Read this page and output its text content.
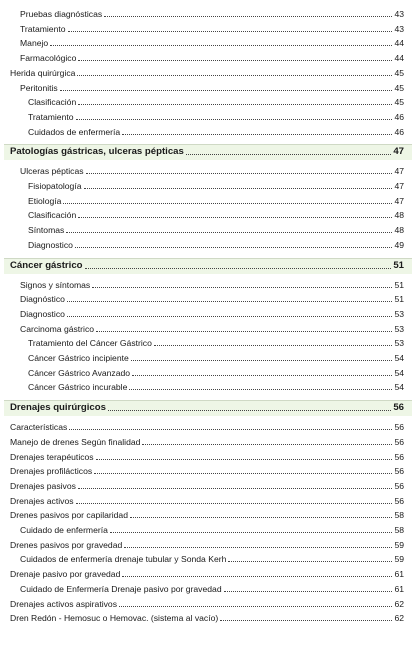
Pruebas diagnósticas	43
Tratamiento	43
Manejo	44
Farmacológico	44
Herida quirúrgica	45
Peritonitis	45
Clasificación	45
Tratamiento	46
Cuidados de enfermería	46
Patologías gástricas, ulceras pépticas	47
Ulceras pépticas	47
Fisiopatología	47
Etiología	47
Clasificación	48
Síntomas	48
Diagnostico	49
Cáncer gástrico	51
Signos y síntomas	51
Diagnóstico	51
Diagnostico	53
Carcinoma gástrico	53
Tratamiento del Cáncer Gástrico	53
Cáncer Gástrico incipiente	54
Cáncer Gástrico Avanzado	54
Cáncer Gástrico incurable	54
Drenajes quirúrgicos	56
Características	56
Manejo de drenes Según finalidad	56
Drenajes terapéuticos	56
Drenajes profilácticos	56
Drenajes pasivos	56
Drenajes activos	56
Drenes pasivos por capilaridad	58
Cuidado de enfermería	58
Drenes pasivos por gravedad	59
Cuidados de enfermería drenaje tubular y Sonda Kerh	59
Drenaje pasivo por gravedad	61
Cuidado de Enfermería Drenaje pasivo por gravedad	61
Drenajes activos aspirativos	62
Dren Redón - Hemosuc o Hemovac. (sistema al vacío)	62
